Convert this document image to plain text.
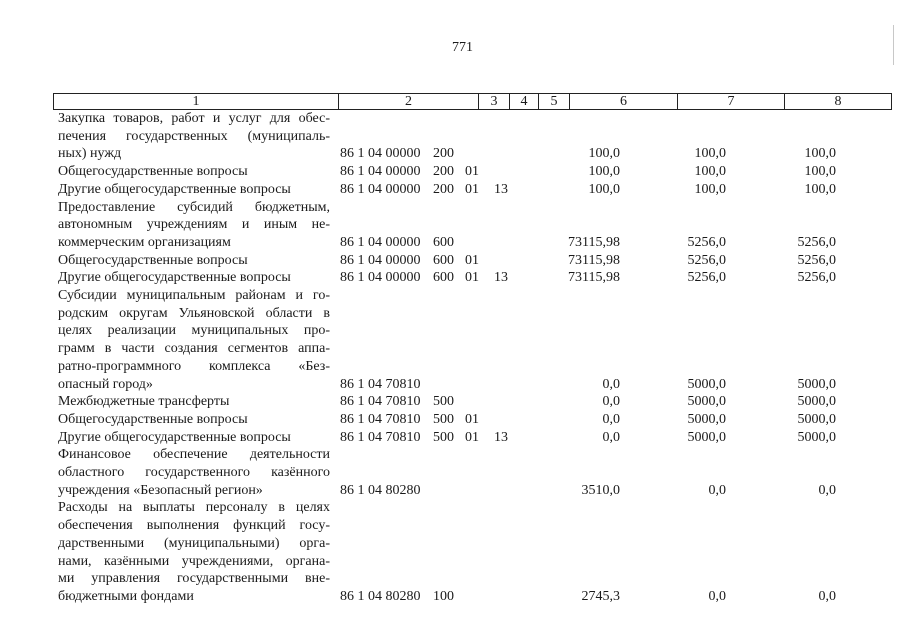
771
1	2	3	4	5	6	7	8
Закупка товаров, работ и услуг для обес-
печения государственных (муниципаль-
ных) нужд	86 1 04 00000 200	100,0	100,0	100,0
Общегосударственные вопросы	86 1 04 00000 200 01	100,0	100,0	100,0
Другие общегосударственные вопросы	86 1 04 00000 200 01 13	100,0	100,0	100,0
Предоставление субсидий бюджетным,
автономным учреждениям и иным не-
коммерческим организациям	86 1 04 00000 600	73115,98	5256,0	5256,0
Общегосударственные вопросы	86 1 04 00000 600 01	73115,98	5256,0	5256,0
Другие общегосударственные вопросы	86 1 04 00000 600 01 13	73115,98	5256,0	5256,0
Субсидии муниципальным районам и го-
родским округам Ульяновской области в
целях реализации муниципальных про-
грамм в части создания сегментов аппа-
ратно-программного комплекса «Без-
опасный город»	86 1 04 70810	0,0	5000,0	5000,0
Межбюджетные трансферты	86 1 04 70810 500	0,0	5000,0	5000,0
Общегосударственные вопросы	86 1 04 70810 500 01	0,0	5000,0	5000,0
Другие общегосударственные вопросы	86 1 04 70810 500 01 13	0,0	5000,0	5000,0
Финансовое обеспечение деятельности
областного государственного казённого
учреждения «Безопасный регион»	86 1 04 80280	3510,0	0,0	0,0
Расходы на выплаты персоналу в целях
обеспечения выполнения функций госу-
дарственными (муниципальными) орга-
нами, казёнными учреждениями, органа-
ми управления государственными вне-
бюджетными фондами	86 1 04 80280 100	2745,3	0,0	0,0
